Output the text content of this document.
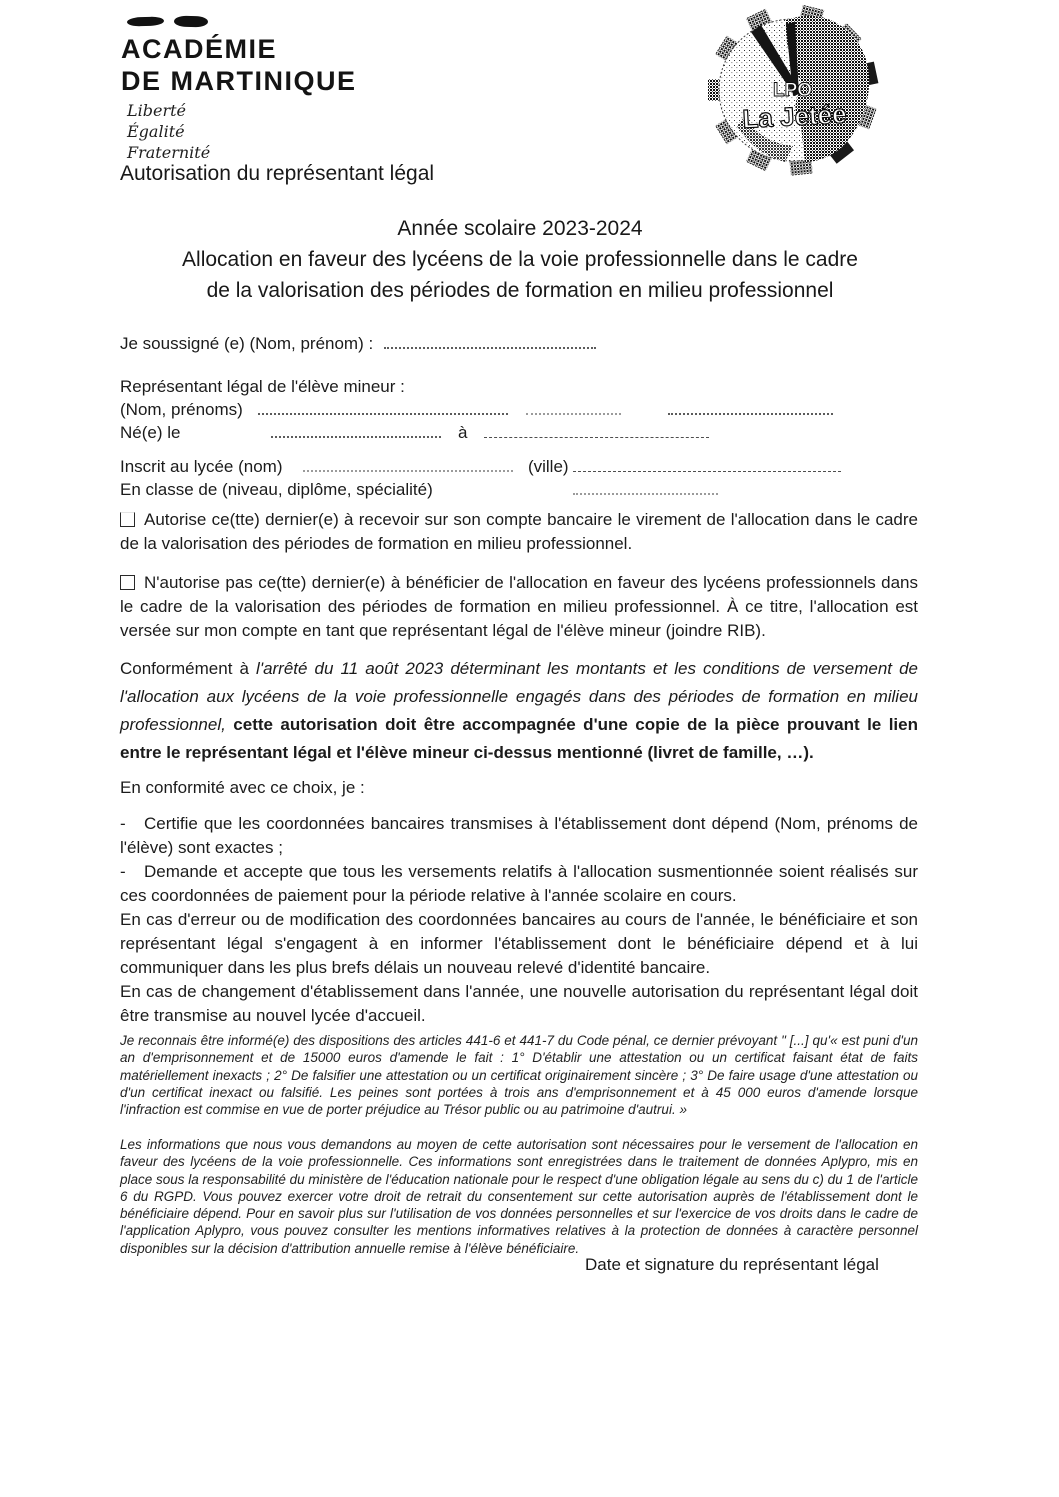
ACADÉMIE
DE MARTINIQUE
Liberté
Égalité
Fraternité
Autorisation du représentant légal
LPO
La Jetée
Année scolaire 2023-2024
Allocation en faveur des lycéens de la voie professionnelle dans le cadre
de la valorisation des périodes de formation en milieu professionnel
Je soussigné (e) (Nom, prénom) :
Représentant légal de l'élève mineur :
(Nom, prénoms)
Né(e) le	à
Inscrit au lycée (nom)	(ville)
En classe de (niveau, diplôme, spécialité)
Autorise ce(tte) dernier(e) à recevoir sur son compte bancaire le virement de l'allocation dans le cadre de la valorisation des périodes de formation en milieu professionnel.
N'autorise pas ce(tte) dernier(e) à bénéficier de l'allocation en faveur des lycéens professionnels dans le cadre de la valorisation des périodes de formation en milieu professionnel. À ce titre, l'allocation est versée sur mon compte en tant que représentant légal de l'élève mineur (joindre RIB).
Conformément à l'arrêté du 11 août 2023 déterminant les montants et les conditions de versement de l'allocation aux lycéens de la voie professionnelle engagés dans des périodes de formation en milieu professionnel, cette autorisation doit être accompagnée d'une copie de la pièce prouvant le lien entre le représentant légal et l'élève mineur ci-dessus mentionné (livret de famille, …).
En conformité avec ce choix, je :
- Certifie que les coordonnées bancaires transmises à l'établissement dont dépend (Nom, prénoms de l'élève) sont exactes ;
- Demande et accepte que tous les versements relatifs à l'allocation susmentionnée soient réalisés sur ces coordonnées de paiement pour la période relative à l'année scolaire en cours.
En cas d'erreur ou de modification des coordonnées bancaires au cours de l'année, le bénéficiaire et son représentant légal s'engagent à en informer l'établissement dont le bénéficiaire dépend et à lui communiquer dans les plus brefs délais un nouveau relevé d'identité bancaire.
En cas de changement d'établissement dans l'année, une nouvelle autorisation du représentant légal doit être transmise au nouvel lycée d'accueil.
Je reconnais être informé(e) des dispositions des articles 441-6 et 441-7 du Code pénal, ce dernier prévoyant " [...] qu'« est puni d'un an d'emprisonnement et de 15000 euros d'amende le fait : 1° D'établir une attestation ou un certificat faisant état de faits matériellement inexacts ; 2° De falsifier une attestation ou un certificat originairement sincère ; 3° De faire usage d'une attestation ou d'un certificat inexact ou falsifié. Les peines sont portées à trois ans d'emprisonnement et à 45 000 euros d'amende lorsque l'infraction est commise en vue de porter préjudice au Trésor public ou au patrimoine d'autrui. »
Les informations que nous vous demandons au moyen de cette autorisation sont nécessaires pour le versement de l'allocation en faveur des lycéens de la voie professionnelle. Ces informations sont enregistrées dans le traitement de données Aplypro, mis en place sous la responsabilité du ministère de l'éducation nationale pour le respect d'une obligation légale au sens du c) du 1 de l'article 6 du RGPD. Vous pouvez exercer votre droit de retrait du consentement sur cette autorisation auprès de l'établissement dont le bénéficiaire dépend. Pour en savoir plus sur l'utilisation de vos données personnelles et sur l'exercice de vos droits dans le cadre de l'application Aplypro, vous pouvez consulter les mentions informatives relatives à la protection de données à caractère personnel disponibles sur la décision d'attribution annuelle remise à l'élève bénéficiaire.
Date et signature du représentant légal
